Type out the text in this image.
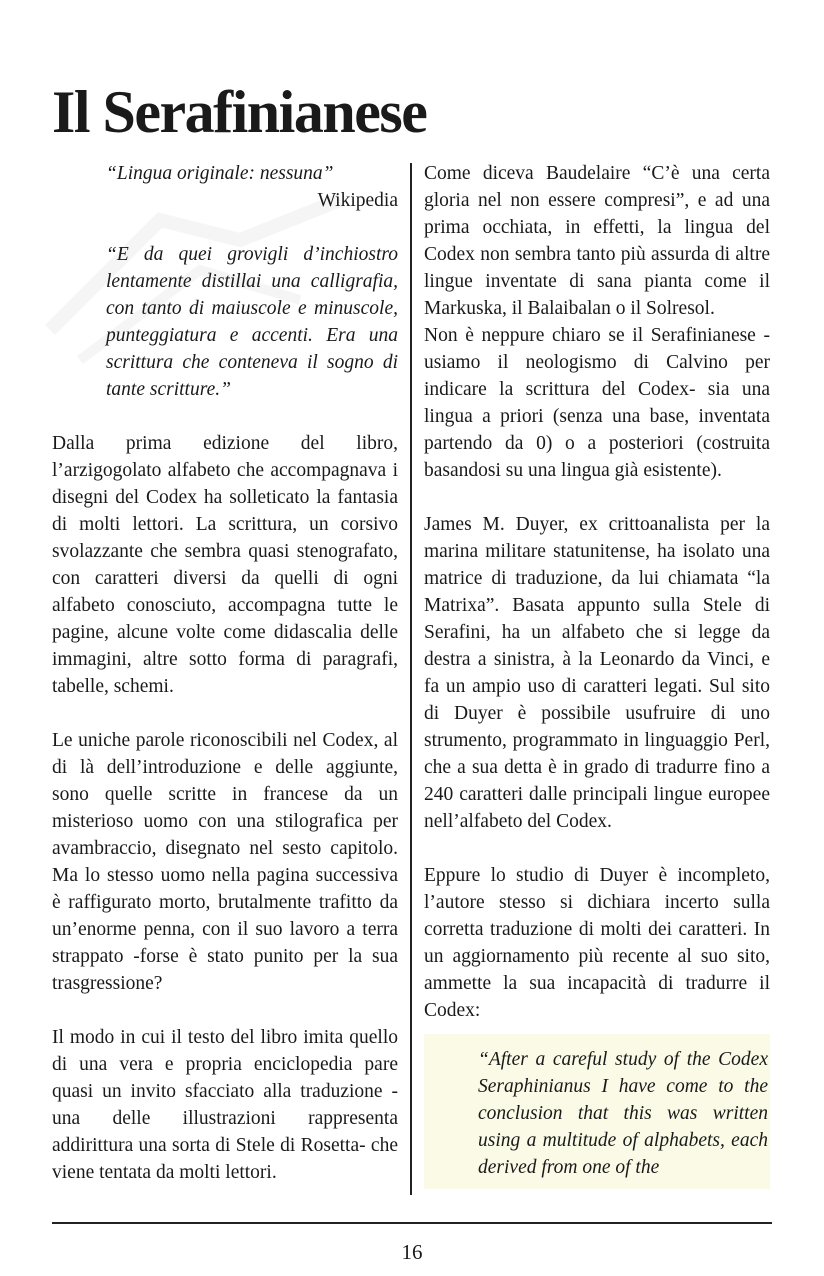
Il Serafinianese

“Lingua originale: nessuna”

Wikipedia

“E da quei grovigli d’inchiostro lentamente distillai una calligrafia, con tanto di maiuscole e minuscole, punteggiatura e accenti. Era una scrittura che conteneva il sogno di tante scritture.”

Dalla prima edizione del libro, l’arzigogolato alfabeto che accompagnava i disegni del Codex ha solleticato la fantasia di molti lettori. La scrittura, un corsivo svolazzante che sembra quasi stenografato, con caratteri diversi da quelli di ogni alfabeto conosciuto, accompagna tutte le pagine, alcune volte come didascalia delle immagini, altre sotto forma di paragrafi, tabelle, schemi.

Le uniche parole riconoscibili nel Codex, al di là dell’introduzione e delle aggiunte, sono quelle scritte in francese da un misterioso uomo con una stilografica per avambraccio, disegnato nel sesto capitolo. Ma lo stesso uomo nella pagina successiva è raffigurato morto, brutalmente trafitto da un’enorme penna, con il suo lavoro a terra strappato -forse è stato punito per la sua trasgressione?

Il modo in cui il testo del libro imita quello di una vera e propria enciclopedia pare quasi un invito sfacciato alla traduzione -una delle illustrazioni rappresenta addirittura una sorta di Stele di Rosetta- che viene tentata da molti lettori.

Come diceva Baudelaire “C’è una certa gloria nel non essere compresi”, e ad una prima occhiata, in effetti, la lingua del Codex non sembra tanto più assurda di altre lingue inventate di sana pianta come il Markuska, il Balaibalan o il Solresol.

Non è neppure chiaro se il Serafinianese -usiamo il neologismo di Calvino per indicare la scrittura del Codex- sia una lingua a priori (senza una base, inventata partendo da 0) o a posteriori (costruita basandosi su una lingua già esistente).

James M. Duyer, ex crittoanalista per la marina militare statunitense, ha isolato una matrice di traduzione, da lui chiamata “la Matrixa”. Basata appunto sulla Stele di Serafini, ha un alfabeto che si legge da destra a sinistra, à la Leonardo da Vinci, e fa un ampio uso di caratteri legati. Sul sito di Duyer è possibile usufruire di uno strumento, programmato in linguaggio Perl, che a sua detta è in grado di tradurre fino a 240 caratteri dalle principali lingue europee nell’alfabeto del Codex.

Eppure lo studio di Duyer è incompleto, l’autore stesso si dichiara incerto sulla corretta traduzione di molti dei caratteri. In un aggiornamento più recente al suo sito, ammette la sua incapacità di tradurre il Codex:

“After a careful study of the Codex Seraphinianus I have come to the conclusion that this was written using a multitude of alphabets, each derived from one of the

16
